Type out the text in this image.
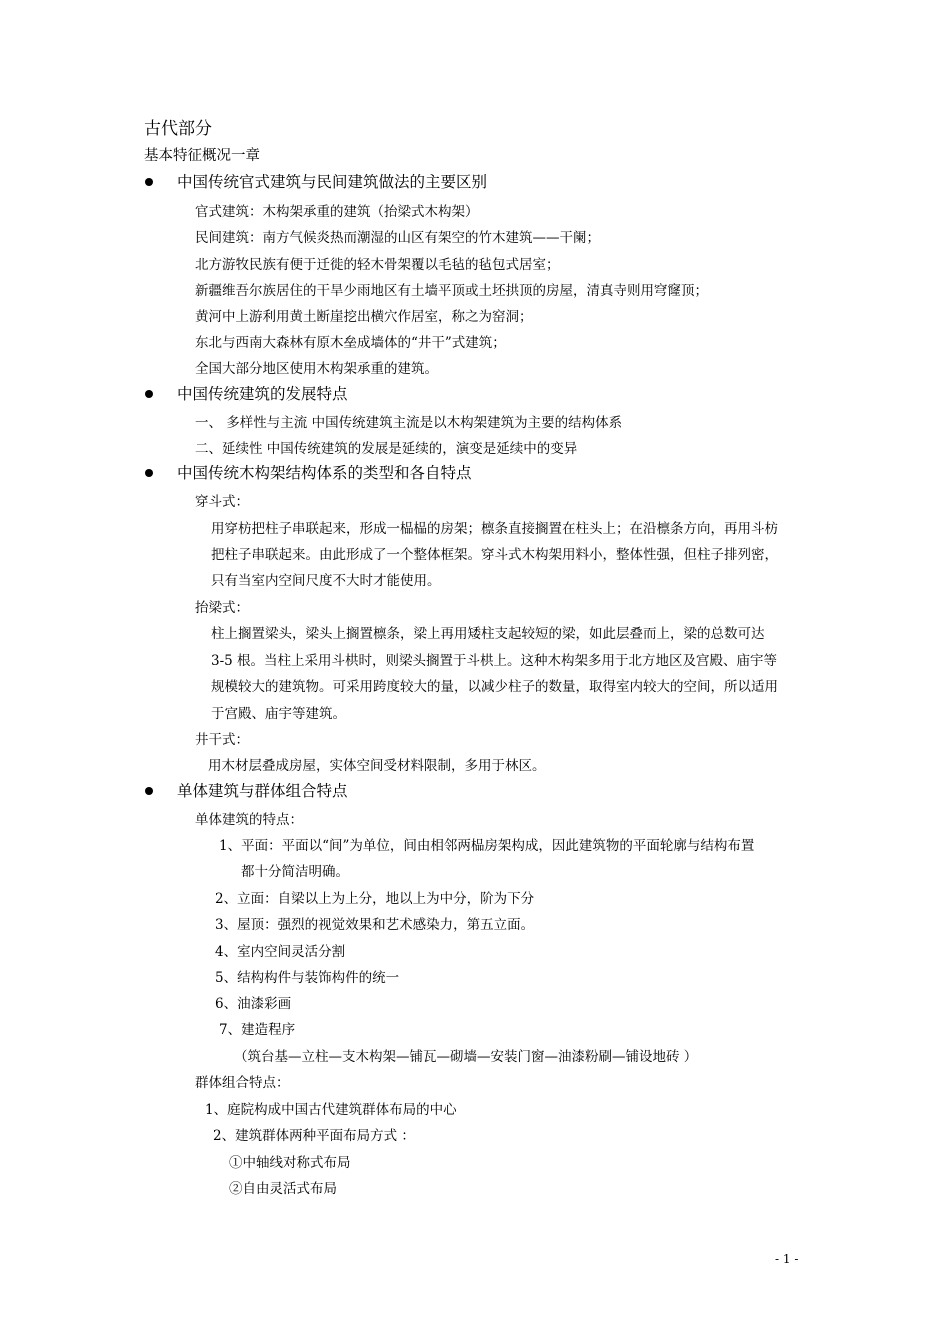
古代部分
基本特征概况一章
中国传统官式建筑与民间建筑做法的主要区别
官式建筑：木构架承重的建筑（抬梁式木构架）
民间建筑：南方气候炎热而潮湿的山区有架空的竹木建筑——干阑；
北方游牧民族有便于迁徙的轻木骨架覆以毛毡的毡包式居室；
新疆维吾尔族居住的干旱少雨地区有土墙平顶或土坯拱顶的房屋，清真寺则用穹窿顶；
黄河中上游利用黄土断崖挖出横穴作居室，称之为窑洞；
东北与西南大森林有原木垒成墙体的“井干”式建筑；
全国大部分地区使用木构架承重的建筑。
中国传统建筑的发展特点
一、 多样性与主流 中国传统建筑主流是以木构架建筑为主要的结构体系
二、延续性 中国传统建筑的发展是延续的，演变是延续中的变异
中国传统木构架结构体系的类型和各自特点
穿斗式：
用穿枋把柱子串联起来，形成一榀榀的房架；檩条直接搁置在柱头上；在沿檩条方向，再用斗枋
把柱子串联起来。由此形成了一个整体框架。穿斗式木构架用料小，整体性强，但柱子排列密，
只有当室内空间尺度不大时才能使用。
抬梁式：
柱上搁置梁头，梁头上搁置檩条，梁上再用矮柱支起较短的梁，如此层叠而上，梁的总数可达
3-5 根。当柱上采用斗栱时，则梁头搁置于斗栱上。这种木构架多用于北方地区及宫殿、庙宇等
规模较大的建筑物。可采用跨度较大的量，以减少柱子的数量，取得室内较大的空间，所以适用
于宫殿、庙宇等建筑。
井干式：
用木材层叠成房屋，实体空间受材料限制，多用于林区。
单体建筑与群体组合特点
单体建筑的特点：
1、平面：平面以“间”为单位，间由相邻两榀房架构成，因此建筑物的平面轮廓与结构布置
都十分简洁明确。
2、立面：自梁以上为上分，地以上为中分，阶为下分
3、屋顶：强烈的视觉效果和艺术感染力，第五立面。
4、室内空间灵活分割
5、结构构件与装饰构件的统一
6、油漆彩画
7、建造程序
（筑台基—立柱—支木构架—铺瓦—砌墙—安装门窗—油漆粉刷—铺设地砖 ）
群体组合特点：
1、庭院构成中国古代建筑群体布局的中心
2、建筑群体两种平面布局方式 ：
①中轴线对称式布局
②自由灵活式布局
- 1 -
